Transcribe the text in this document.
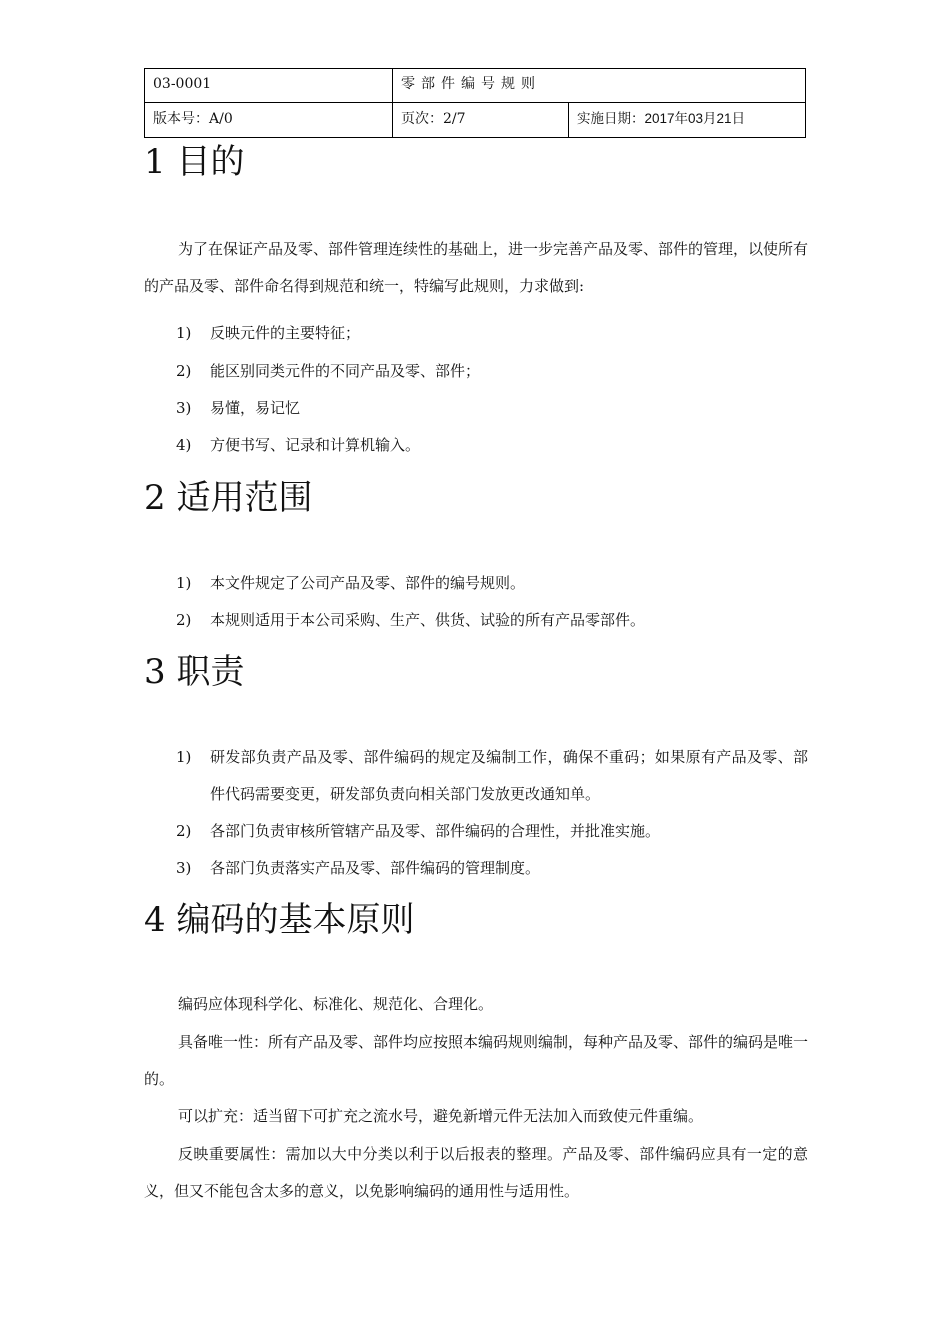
03-0001	零部件编号规则
版本号：A/0	页次：2/7	实施日期：2017年03月21日
1 目的

为了在保证产品及零、部件管理连续性的基础上，进一步完善产品及零、部件的管理，以使所有的产品及零、部件命名得到规范和统一，特编写此规则，力求做到:

1) 反映元件的主要特征；
2) 能区别同类元件的不同产品及零、部件；
3) 易懂，易记忆
4) 方便书写、记录和计算机输入。
2 适用范围
1) 本文件规定了公司产品及零、部件的编号规则。
2) 本规则适用于本公司采购、生产、供货、试验的所有产品零部件。
3 职责
1) 研发部负责产品及零、部件编码的规定及编制工作，确保不重码；如果原有产品及零、部件代码需要变更，研发部负责向相关部门发放更改通知单。
2) 各部门负责审核所管辖产品及零、部件编码的合理性，并批准实施。
3) 各部门负责落实产品及零、部件编码的管理制度。
4 编码的基本原则

编码应体现科学化、标准化、规范化、合理化。

具备唯一性：所有产品及零、部件均应按照本编码规则编制，每种产品及零、部件的编码是唯一的。

可以扩充：适当留下可扩充之流水号，避免新增元件无法加入而致使元件重编。

反映重要属性：需加以大中分类以利于以后报表的整理。产品及零、部件编码应具有一定的意义，但又不能包含太多的意义，以免影响编码的通用性与适用性。
